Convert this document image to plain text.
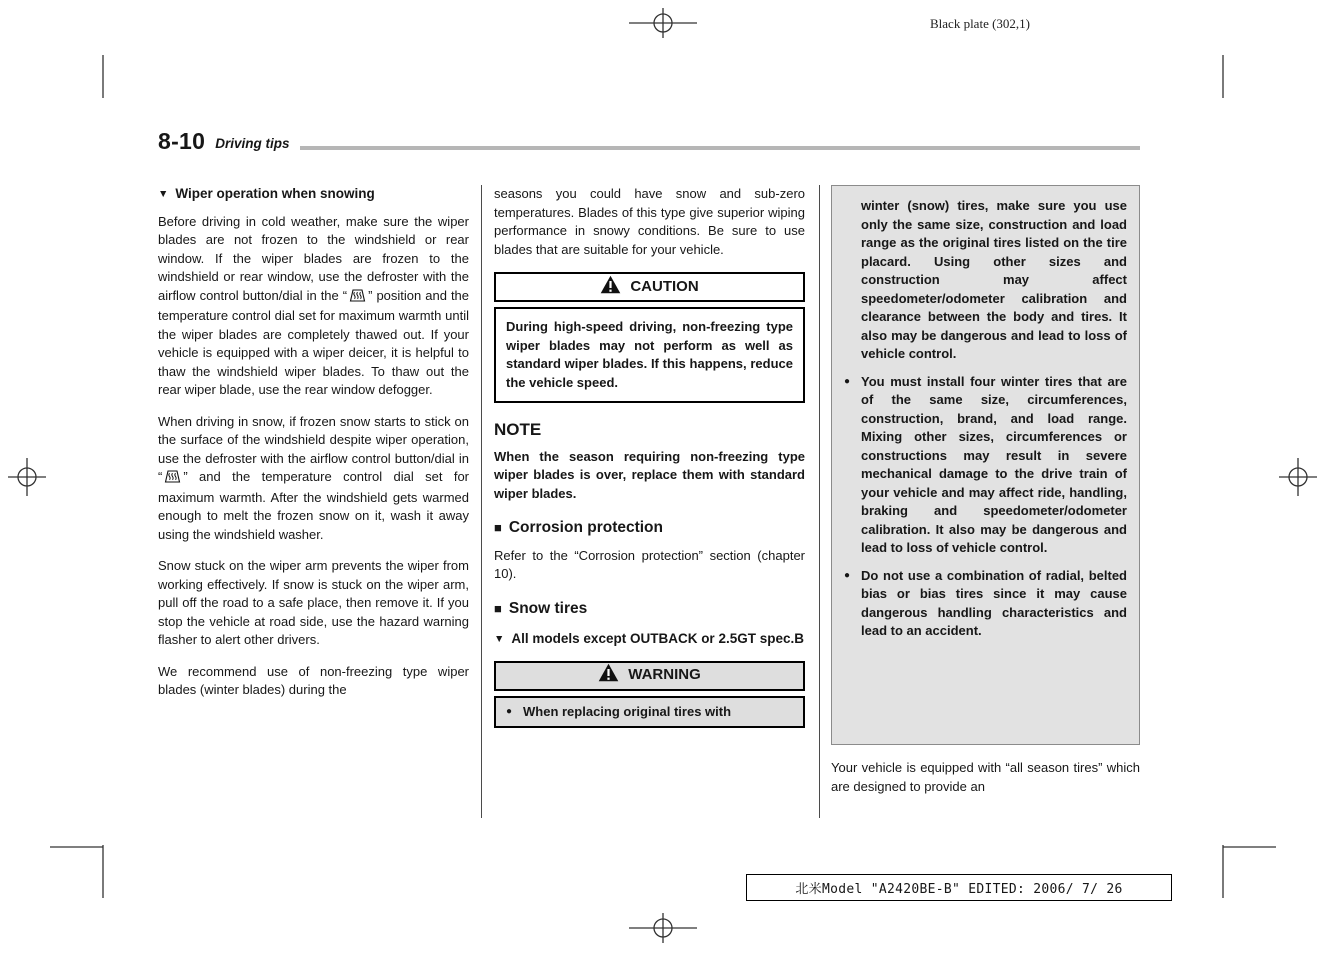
Black plate (302,1)
8-10 Driving tips
▼ Wiper operation when snowing

Before driving in cold weather, make sure the wiper blades are not frozen to the windshield or rear window. If the wiper blades are frozen to the windshield or rear window, use the defroster with the airflow control button/dial in the “ ” position and the temperature control dial set for maximum warmth until the wiper blades are completely thawed out. If your vehicle is equipped with a wiper deicer, it is helpful to thaw the windshield wiper blades. To thaw out the rear wiper blade, use the rear window defogger.

When driving in snow, if frozen snow starts to stick on the surface of the windshield despite wiper operation, use the defroster with the airflow control button/dial in “ ” and the temperature control dial set for maximum warmth. After the windshield gets warmed enough to melt the frozen snow on it, wash it away using the windshield washer.

Snow stuck on the wiper arm prevents the wiper from working effectively. If snow is stuck on the wiper arm, pull off the road to a safe place, then remove it. If you stop the vehicle at road side, use the hazard warning flasher to alert other drivers.

We recommend use of non-freezing type wiper blades (winter blades) during the

seasons you could have snow and sub-zero temperatures. Blades of this type give superior wiping performance in snowy conditions. Be sure to use blades that are suitable for your vehicle.

CAUTION
During high-speed driving, non-freezing type wiper blades may not perform as well as standard wiper blades. If this happens, reduce the vehicle speed.
NOTE

When the season requiring non-freezing type wiper blades is over, replace them with standard wiper blades.

■ Corrosion protection

Refer to the “Corrosion protection” section (chapter 10).

■ Snow tires
▼ All models except OUTBACK or 2.5GT spec.B
WARNING
● When replacing original tires with

winter (snow) tires, make sure you use only the same size, construction and load range as the original tires listed on the tire placard. Using other sizes and construction may affect speedometer/odometer calibration and clearance between the body and tires. It also may be dangerous and lead to loss of vehicle control.

● You must install four winter tires that are of the same size, circumferences, construction, brand, and load range. Mixing other sizes, circumferences or constructions may result in severe mechanical damage to the drive train of your vehicle and may affect ride, handling, braking and speedometer/odometer calibration. It also may be dangerous and lead to loss of vehicle control.

● Do not use a combination of radial, belted bias or bias tires since it may cause dangerous handling characteristics and lead to an accident.

Your vehicle is equipped with “all season tires” which are designed to provide an

北米Model "A2420BE-B" EDITED: 2006/ 7/ 26
